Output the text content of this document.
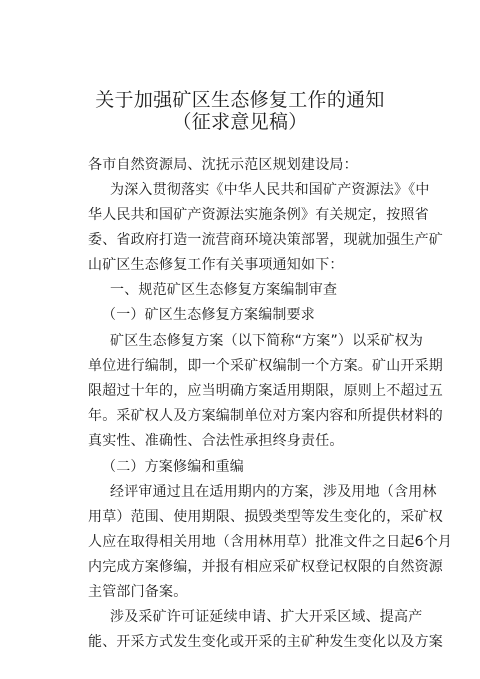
关于加强矿区生态修复工作的通知
（征求意见稿）
各市自然资源局、沈抚示范区规划建设局：
为深入贯彻落实《中华人民共和国矿产资源法》《中
华人民共和国矿产资源法实施条例》有关规定，按照省
委、省政府打造一流营商环境决策部署，现就加强生产矿
山矿区生态修复工作有关事项通知如下：
一、规范矿区生态修复方案编制审查
（一）矿区生态修复方案编制要求
矿区生态修复方案（以下简称“方案”）以采矿权为
单位进行编制，即一个采矿权编制一个方案。矿山开采期
限超过十年的，应当明确方案适用期限，原则上不超过五
年。采矿权人及方案编制单位对方案内容和所提供材料的
真实性、准确性、合法性承担终身责任。
（二）方案修编和重编
经评审通过且在适用期内的方案，涉及用地（含用林
用草）范围、使用期限、损毁类型等发生变化的，采矿权
人应在取得相关用地（含用林用草）批准文件之日起6个月
内完成方案修编，并报有相应采矿权登记权限的自然资源
主管部门备案。
涉及采矿许可证延续申请、扩大开采区域、提高产
能、开采方式发生变化或开采的主矿种发生变化以及方案
